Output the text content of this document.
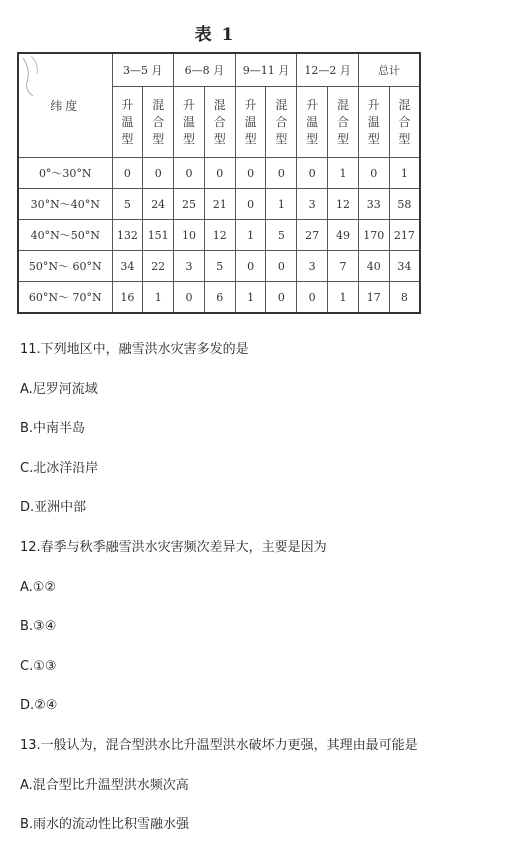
表 1
纬度	3—5 月		6—8 月		9—11 月		12—2 月		总计	
	升温型	混合型	升温型	混合型	升温型	混合型	升温型	混合型	升温型	混合型
0°～30°N	0	0	0	0	0	0	0	1	0	1
30°N～40°N	5	24	25	21	0	1	3	12	33	58
40°N～50°N	132	151	10	12	1	5	27	49	170	217
50°N～ 60°N	34	22	3	5	0	0	3	7	40	34
60°N～ 70°N	16	1	0	6	1	0	0	1	17	8
11.下列地区中，融雪洪水灾害多发的是
A.尼罗河流域
B.中南半岛
C.北冰洋沿岸
D.亚洲中部
12.春季与秋季融雪洪水灾害频次差异大，主要是因为
A.①②
B.③④
C.①③
D.②④
13.一般认为，混合型洪水比升温型洪水破坏力更强，其理由最可能是
A.混合型比升温型洪水频次高
B.雨水的流动性比积雪融水强
